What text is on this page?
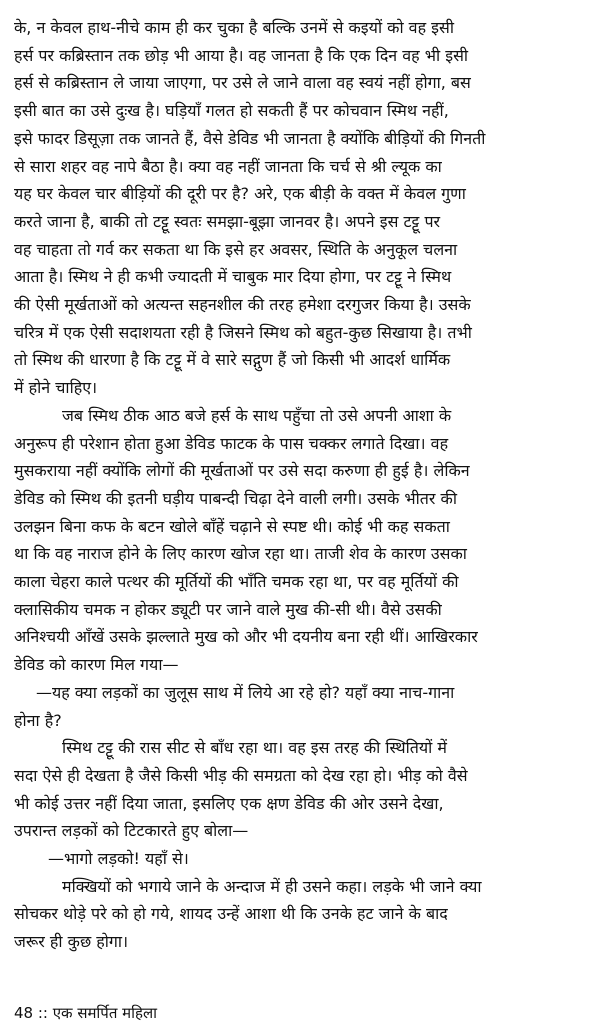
के, न केवल हाथ-नीचे काम ही कर चुका है बल्कि उनमें से कइयों को वह इसी
हर्स पर कब्रिस्तान तक छोड़ भी आया है। वह जानता है कि एक दिन वह भी इसी
हर्स से कब्रिस्तान ले जाया जाएगा, पर उसे ले जाने वाला वह स्वयं नहीं होगा, बस
इसी बात का उसे दुःख है। घड़ियाँ गलत हो सकती हैं पर कोचवान स्मिथ नहीं,
इसे फादर डिसूज़ा तक जानते हैं, वैसे डेविड भी जानता है क्योंकि बीड़ियों की गिनती
से सारा शहर वह नापे बैठा है। क्या वह नहीं जानता कि चर्च से श्री ल्यूक का
यह घर केवल चार बीड़ियों की दूरी पर है? अरे, एक बीड़ी के वक्त में केवल गुणा
करते जाना है, बाकी तो टट्टू स्वतः समझा-बूझा जानवर है। अपने इस टट्टू पर
वह चाहता तो गर्व कर सकता था कि इसे हर अवसर, स्थिति के अनुकूल चलना
आता है। स्मिथ ने ही कभी ज्यादती में चाबुक मार दिया होगा, पर टट्टू ने स्मिथ
की ऐसी मूर्खताओं को अत्यन्त सहनशील की तरह हमेशा दरगुजर किया है। उसके
चरित्र में एक ऐसी सदाशयता रही है जिसने स्मिथ को बहुत-कुछ सिखाया है। तभी
तो स्मिथ की धारणा है कि टट्टू में वे सारे सद्गुण हैं जो किसी भी आदर्श धार्मिक
में होने चाहिए।
जब स्मिथ ठीक आठ बजे हर्स के साथ पहुँचा तो उसे अपनी आशा के
अनुरूप ही परेशान होता हुआ डेविड फाटक के पास चक्कर लगाते दिखा। वह
मुसकराया नहीं क्योंकि लोगों की मूर्खताओं पर उसे सदा करुणा ही हुई है। लेकिन
डेविड को स्मिथ की इतनी घड़ीय पाबन्दी चिढ़ा देने वाली लगी। उसके भीतर की
उलझन बिना कफ के बटन खोले बाँहें चढ़ाने से स्पष्ट थी। कोई भी कह सकता
था कि वह नाराज होने के लिए कारण खोज रहा था। ताजी शेव के कारण उसका
काला चेहरा काले पत्थर की मूर्तियों की भाँति चमक रहा था, पर वह मूर्तियों की
क्लासिकीय चमक न होकर ड्यूटी पर जाने वाले मुख की-सी थी। वैसे उसकी
अनिश्चयी आँखें उसके झल्लाते मुख को और भी दयनीय बना रही थीं। आखिरकार
डेविड को कारण मिल गया—
—यह क्या लड़कों का जुलूस साथ में लिये आ रहे हो? यहाँ क्या नाच-गाना
होना है?
स्मिथ टट्टू की रास सीट से बाँध रहा था। वह इस तरह की स्थितियों में
सदा ऐसे ही देखता है जैसे किसी भीड़ की समग्रता को देख रहा हो। भीड़ को वैसे
भी कोई उत्तर नहीं दिया जाता, इसलिए एक क्षण डेविड की ओर उसने देखा,
उपरान्त लड़कों को टिटकारते हुए बोला—
—भागो लड़को! यहाँ से।
मक्खियों को भगाये जाने के अन्दाज में ही उसने कहा। लड़के भी जाने क्या
सोचकर थोड़े परे को हो गये, शायद उन्हें आशा थी कि उनके हट जाने के बाद
जरूर ही कुछ होगा।
48 :: एक समर्पित महिला
